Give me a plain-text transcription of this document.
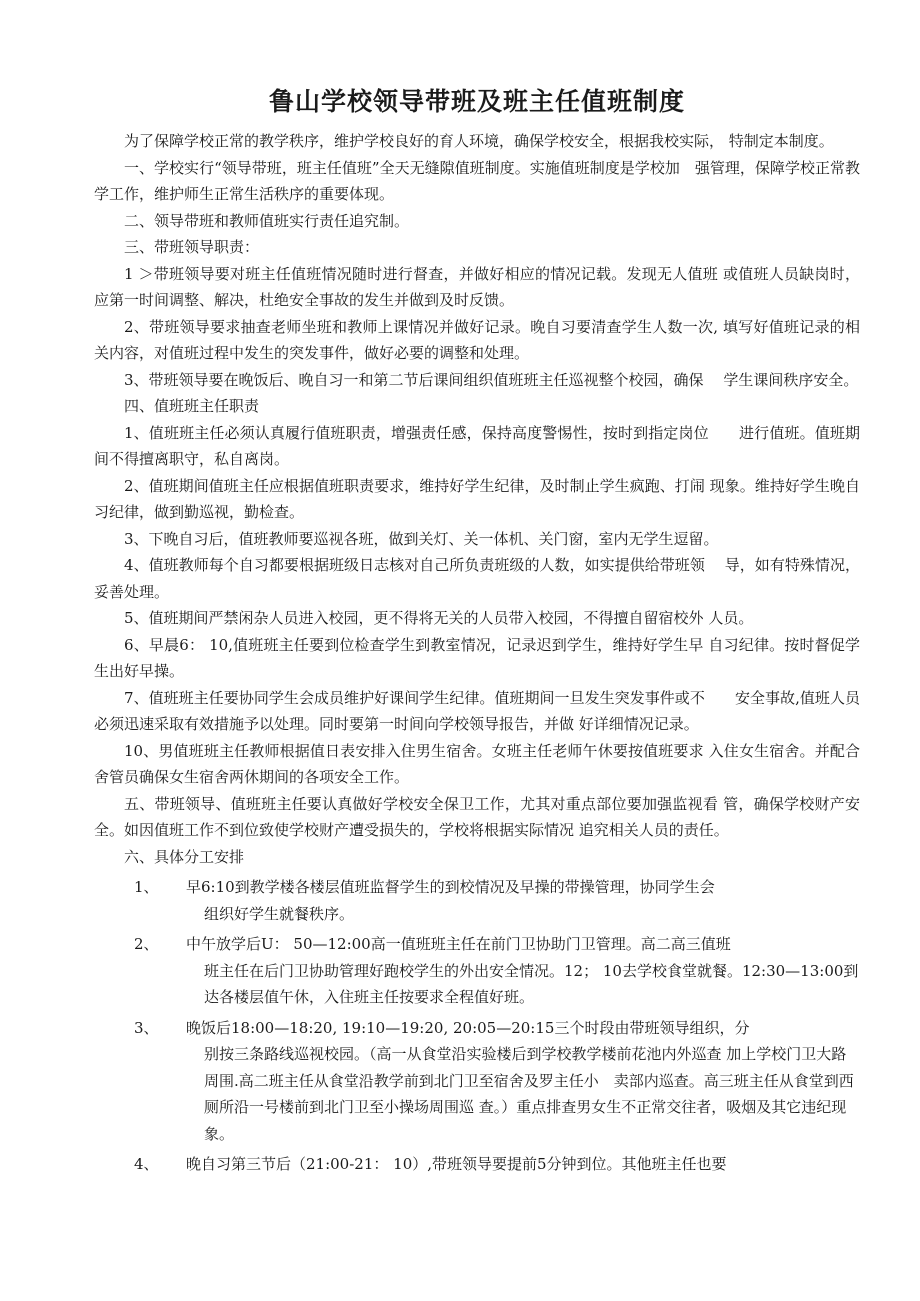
鲁山学校领导带班及班主任值班制度

为了保障学校正常的教学秩序，维护学校良好的育人环境，确保学校安全，根据我校实际， 特制定本制度。

一、学校实行“领导带班，班主任值班”全天无缝隙值班制度。实施值班制度是学校加　强管理，保障学校正常教学工作，维护师生正常生活秩序的重要体现。

二、领导带班和教师值班实行责任追究制。

三、带班领导职责：

1 ＞带班领导要对班主任值班情况随时进行督查，并做好相应的情况记载。发现无人值班 或值班人员缺岗时，应第一时间调整、解决，杜绝安全事故的发生并做到及时反馈。

2、带班领导要求抽查老师坐班和教师上课情况并做好记录。晚自习要清查学生人数一次, 填写好值班记录的相关内容，对值班过程中发生的突发事件，做好必要的调整和处理。

3、带班领导要在晚饭后、晚自习一和第二节后课间组织值班班主任巡视整个校园，确保　 学生课间秩序安全。

四、值班班主任职责

1、值班班主任必须认真履行值班职责，增强责任感，保持高度警惕性，按时到指定岗位　　进行值班。值班期间不得擅离职守，私自离岗。

2、值班期间值班主任应根据值班职责要求，维持好学生纪律，及时制止学生疯跑、打闹 现象。维持好学生晚自习纪律，做到勤巡视，勤检查。

3、下晚自习后，值班教师要巡视各班，做到关灯、关一体机、关门窗，室内无学生逗留。

4、值班教师每个自习都要根据班级日志核对自己所负责班级的人数，如实提供给带班领　 导，如有特殊情况，妥善处理。

5、值班期间严禁闲杂人员进入校园，更不得将无关的人员带入校园，不得擅自留宿校外 人员。

6、早晨6： 10,值班班主任要到位检查学生到教室情况，记录迟到学生，维持好学生早 自习纪律。按时督促学生出好早操。

7、值班班主任要协同学生会成员维护好课间学生纪律。值班期间一旦发生突发事件或不　　安全事故,值班人员必须迅速采取有效措施予以处理。同时要第一时间向学校领导报告，并做 好详细情况记录。

10、男值班班主任教师根据值日表安排入住男生宿舍。女班主任老师午休要按值班要求 入住女生宿舍。并配合舍管员确保女生宿舍两休期间的各项安全工作。

五、带班领导、值班班主任要认真做好学校安全保卫工作，尤其对重点部位要加强监视看 管，确保学校财产安全。如因值班工作不到位致使学校财产遭受损失的，学校将根据实际情况 追究相关人员的责任。

六、具体分工安排

1、	早6:10到教学楼各楼层值班监督学生的到校情况及早操的带操管理，协同学生会
组织好学生就餐秩序。
2、	中午放学后U： 50—12:00高一值班班主任在前门卫协助门卫管理。高二高三值班
班主任在后门卫协助管理好跑校学生的外出安全情况。12； 10去学校食堂就餐。12:30—13:00到达各楼层值午休，入住班主任按要求全程值好班。
3、	晚饭后18:00—18:20, 19:10—19:20, 20:05—20:15三个时段由带班领导组织，分
别按三条路线巡视校园。（高一从食堂沿实验楼后到学校教学楼前花池内外巡查 加上学校门卫大路周围.高二班主任从食堂沿教学前到北门卫至宿舍及罗主任小　卖部内巡查。高三班主任从食堂到西厕所沿一号楼前到北门卫至小操场周围巡 查。）重点排查男女生不正常交往者，吸烟及其它违纪现象。
4、	晚自习第三节后（21:00-21： 10）,带班领导要提前5分钟到位。其他班主任也要
